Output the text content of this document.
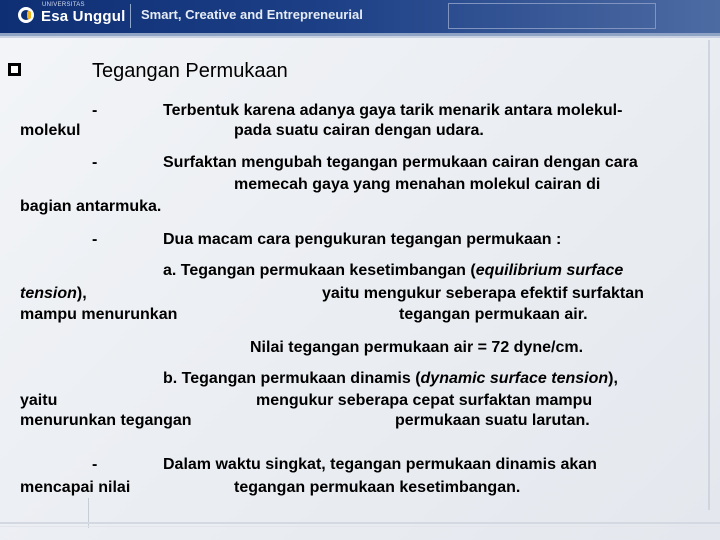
UNIVERSITAS
Esa Unggul Smart, Creative and Entrepreneurial
Tegangan Permukaan
-	Terbentuk karena adanya gaya tarik menarik antara molekul-
molekul	pada suatu cairan dengan udara.
-	Surfaktan mengubah tegangan permukaan cairan dengan cara
memecah gaya yang menahan molekul cairan di
bagian antarmuka.
-	Dua macam cara pengukuran tegangan permukaan :
a. Tegangan permukaan kesetimbangan (equilibrium surface
tension),	yaitu mengukur seberapa efektif surfaktan
mampu menurunkan	tegangan permukaan air.
Nilai tegangan permukaan air = 72 dyne/cm.
b. Tegangan permukaan dinamis (dynamic surface tension),
yaitu	mengukur seberapa cepat surfaktan mampu
menurunkan tegangan	permukaan suatu larutan.
-	Dalam waktu singkat, tegangan permukaan dinamis akan
mencapai nilai	tegangan permukaan kesetimbangan.
